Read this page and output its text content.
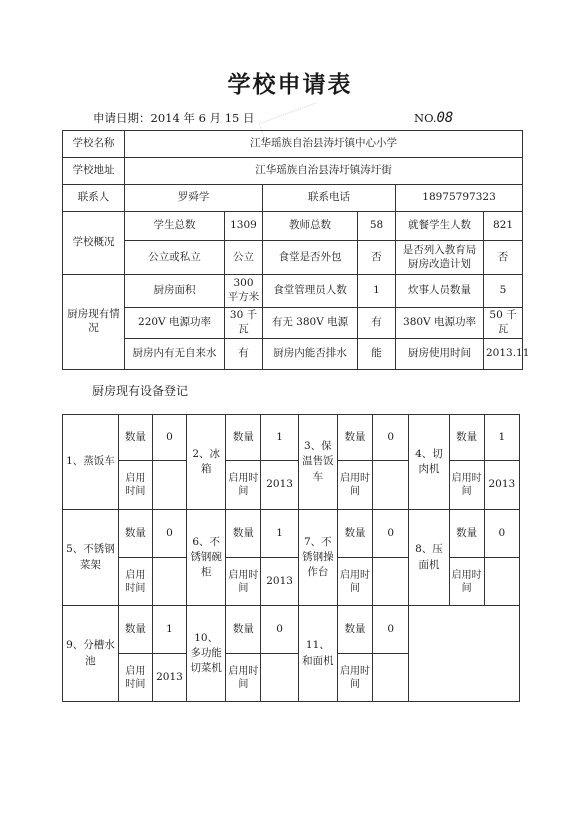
学校申请表
申请日期：2014 年 6 月 15 日	NO.08
学校名称	江华瑶族自治县涛圩镇中心小学					
学校地址	江华瑶族自治县涛圩镇涛圩街					
联系人	罗舜学		联系电话		18975797323	
学校概况	学生总数	1309	教师总数	58	就餐学生人数	821
	公立或私立	公立	食堂是否外包	否	是否列入教育局厨房改造计划	否
厨房现有情况	厨房面积	300 平方米	食堂管理员人数	1	炊事人员数量	5
	220V 电源功率	30 千瓦	有无 380V 电源	有	380V 电源功率	50 千瓦
	厨房内有无自来水	有	厨房内能否排水	能	厨房使用时间	2013.11
厨房现有设备登记
1、蒸饭车	数量	0	2、冰箱	数量	1	3、保温售饭车	数量	0	4、切肉机	数量	1
	启用时间			启用时间	2013		启用时间			启用时间	2013
5、不锈钢菜架	数量	0	6、不锈钢碗柜	数量	1	7、不锈钢操作台	数量	0	8、压面机	数量	0
	启用时间			启用时间	2013		启用时间			启用时间	
9、分槽水池	数量	1	10、多功能切菜机	数量	0	11、和面机	数量	0			
	启用时间	2013		启用时间			启用时间				
